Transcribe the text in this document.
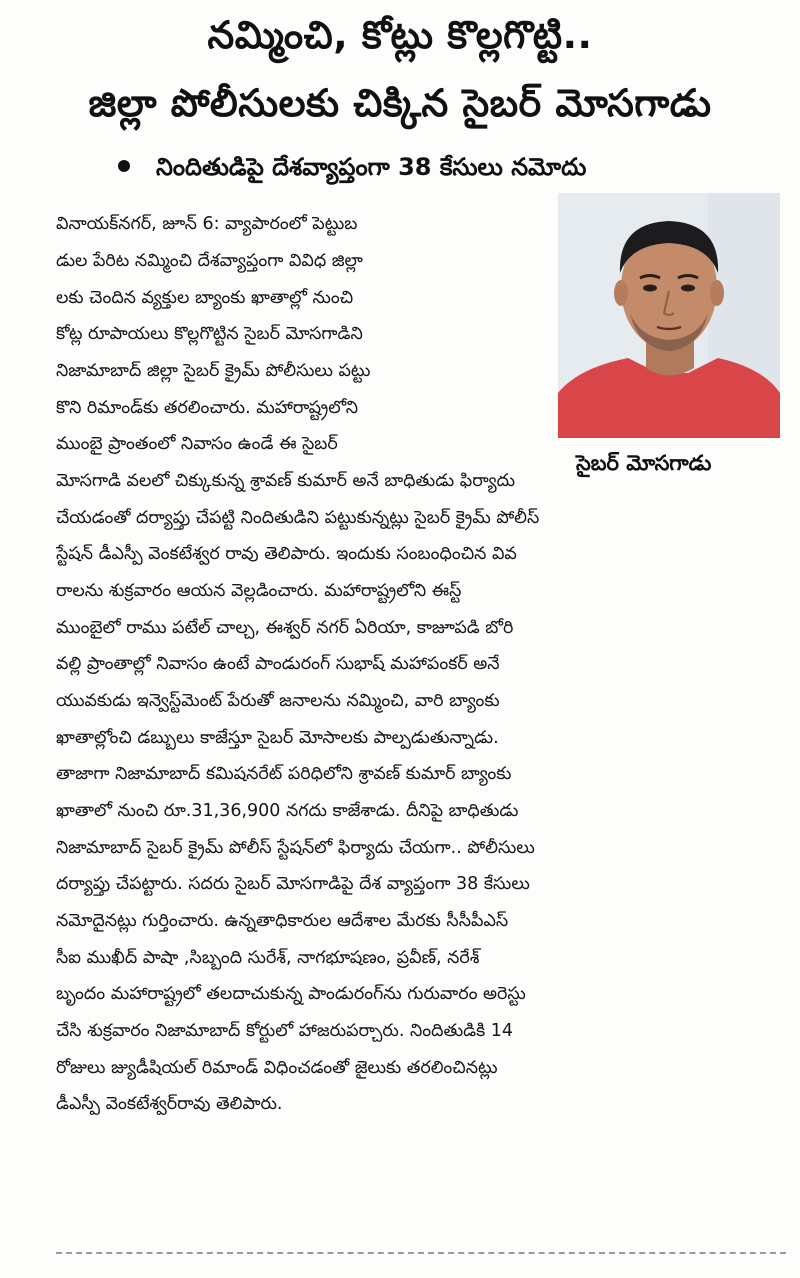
నమ్మించి, కోట్లు కొల్లగొట్టి..
జిల్లా పోలీసులకు చిక్కిన సైబర్ మోసగాడు
నిందితుడిపై దేశవ్యాప్తంగా 38 కేసులు నమోదు
సైబర్ మోసగాడు
వినాయక్‌నగర్, జూన్ 6: వ్యాపారంలో పెట్టుబ
డుల పేరిట నమ్మించి దేశవ్యాప్తంగా వివిధ జిల్లా
లకు చెందిన వ్యక్తుల బ్యాంకు ఖాతాల్లో నుంచి
కోట్ల రూపాయలు కొల్లగొట్టిన సైబర్ మోసగాడిని
నిజామాబాద్ జిల్లా సైబర్ క్రైమ్ పోలీసులు పట్టు
కొని రిమాండ్‌కు తరలించారు. మహారాష్ట్రలోని
ముంబై ప్రాంతంలో నివాసం ఉండే ఈ సైబర్
మోసగాడి వలలో చిక్కుకున్న శ్రావణ్ కుమార్ అనే బాధితుడు ఫిర్యాదు
చేయడంతో దర్యాప్తు చేపట్టి నిందితుడిని పట్టుకున్నట్లు సైబర్ క్రైమ్ పోలీస్
స్టేషన్ డీఎస్పీ వెంకటేశ్వర రావు తెలిపారు. ఇందుకు సంబంధించిన వివ
రాలను శుక్రవారం ఆయన వెల్లడించారు. మహారాష్ట్రలోని ఈస్ట్
ముంబైలో రాము పటేల్ చాల్చ, ఈశ్వర్ నగర్ ఏరియా, కాజూపడి బోరి
వల్లి ప్రాంతాల్లో నివాసం ఉంటే పాండురంగ్ సుభాష్ మహాపంకర్ అనే
యువకుడు ఇన్వెస్ట్‌మెంట్ పేరుతో జనాలను నమ్మించి, వారి బ్యాంకు
ఖాతాల్లోంచి డబ్బులు కాజేస్తూ సైబర్ మోసాలకు పాల్పడుతున్నాడు.
తాజాగా నిజామాబాద్ కమిషనరేట్ పరిధిలోని శ్రావణ్ కుమార్ బ్యాంకు
ఖాతాలో నుంచి రూ.31,36,900 నగదు కాజేశాడు. దీనిపై బాధితుడు
నిజామాబాద్ సైబర్ క్రైమ్ పోలీస్ స్టేషన్‌లో ఫిర్యాదు చేయగా.. పోలీసులు
దర్యాప్తు చేపట్టారు. సదరు సైబర్ మోసగాడిపై దేశ వ్యాప్తంగా 38 కేసులు
నమోదైనట్లు గుర్తించారు. ఉన్నతాధికారుల ఆదేశాల మేరకు సీసీపీఎస్
సీఐ ముఖీద్ పాషా ,సిబ్బంది సురేశ్, నాగభూషణం, ప్రవీణ్, నరేశ్
బృందం మహారాష్ట్రలో తలదాచుకున్న పాండురంగ్‌ను గురువారం అరెస్టు
చేసి శుక్రవారం నిజామాబాద్ కోర్టులో హాజరుపర్చారు. నిందితుడికి 14
రోజులు జ్యుడీషియల్ రిమాండ్ విధించడంతో జైలుకు తరలించినట్లు
డీఎస్పీ వెంకటేశ్వర్‌రావు తెలిపారు.
